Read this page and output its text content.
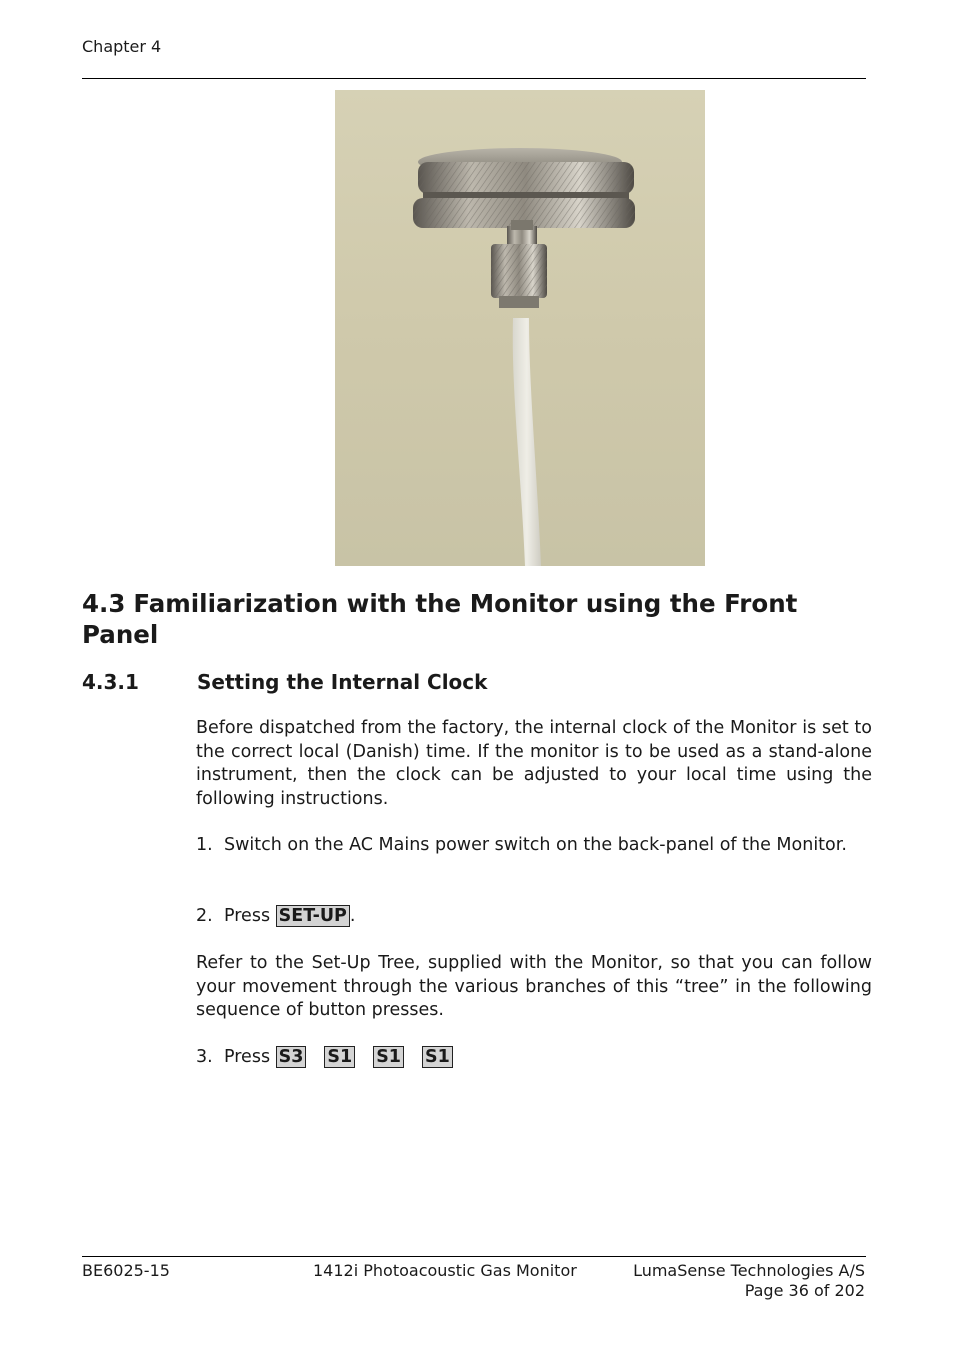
Chapter 4
4.3 Familiarization with the Monitor using the Front Panel
4.3.1	Setting the Internal Clock
Before dispatched from the factory, the internal clock of the Monitor is set to the correct local (Danish) time. If the monitor is to be used as a stand-alone instrument, then the clock can be adjusted to your local time using the following instructions.
1. Switch on the AC Mains power switch on the back-panel of the Monitor.
2. Press SET-UP .
Refer to the Set-Up Tree, supplied with the Monitor, so that you can follow your movement through the various branches of this “tree” in the following sequence of button presses.
3. Press S3 S1 S1 S1
BE6025-15	1412i Photoacoustic Gas Monitor	LumaSense Technologies A/S
Page 36 of 202
